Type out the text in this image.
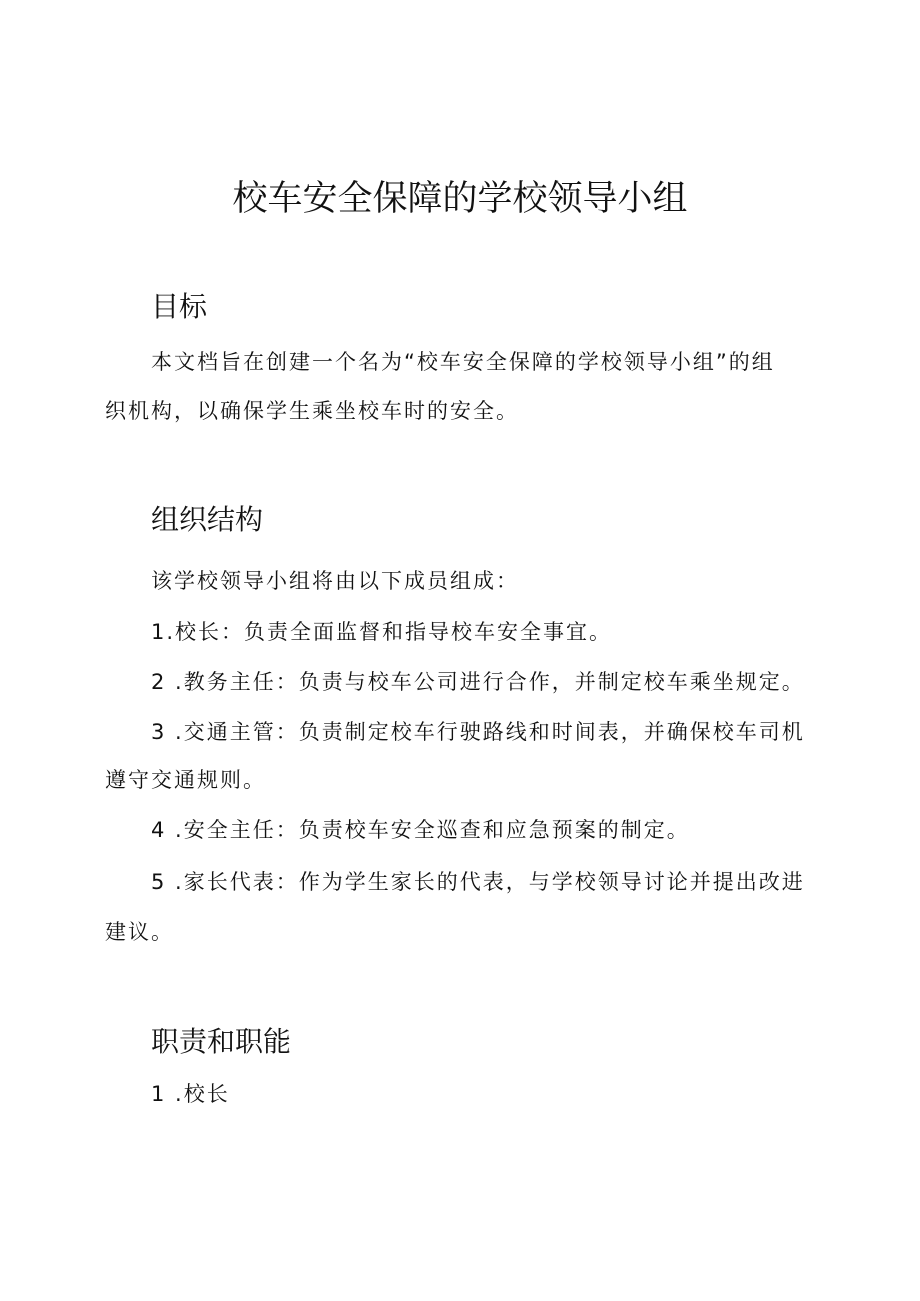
校车安全保障的学校领导小组
目标
本文档旨在创建一个名为“校车安全保障的学校领导小组”的组
织机构，以确保学生乘坐校车时的安全。
组织结构
该学校领导小组将由以下成员组成：
1.校长：负责全面监督和指导校车安全事宜。
2 .教务主任：负责与校车公司进行合作，并制定校车乘坐规定。
3 .交通主管：负责制定校车行驶路线和时间表，并确保校车司机
遵守交通规则。
4 .安全主任：负责校车安全巡查和应急预案的制定。
5 .家长代表：作为学生家长的代表，与学校领导讨论并提出改进
建议。
职责和职能
1 .校长
